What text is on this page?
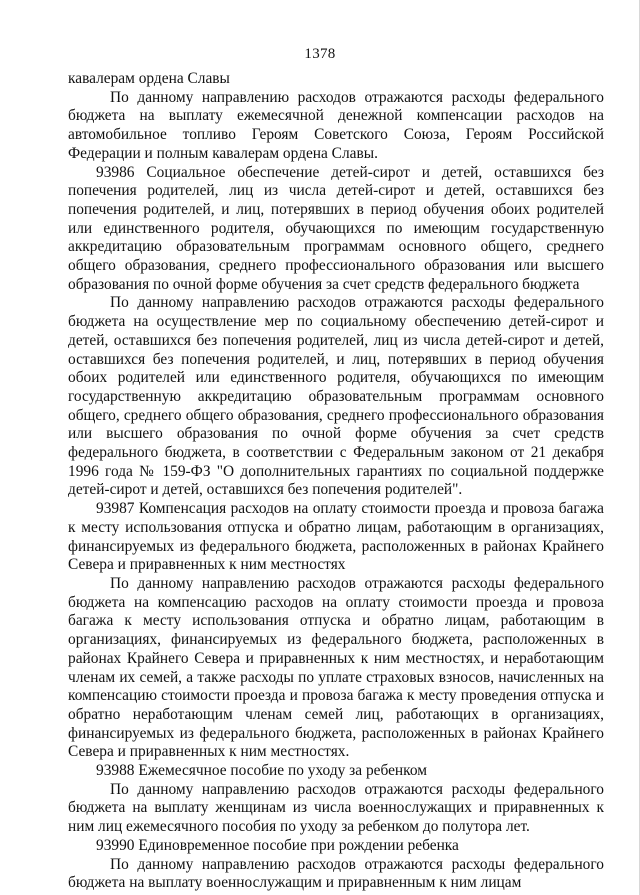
1378

кавалерам ордена Славы

По данному направлению расходов отражаются расходы федерального бюджета на выплату ежемесячной денежной компенсации расходов на автомобильное топливо Героям Советского Союза, Героям Российской Федерации и полным кавалерам ордена Славы.

93986 Социальное обеспечение детей-сирот и детей, оставшихся без попечения родителей, лиц из числа детей-сирот и детей, оставшихся без попечения родителей, и лиц, потерявших в период обучения обоих родителей или единственного родителя, обучающихся по имеющим государственную аккредитацию образовательным программам основного общего, среднего общего образования, среднего профессионального образования или высшего образования по очной форме обучения за счет средств федерального бюджета

По данному направлению расходов отражаются расходы федерального бюджета на осуществление мер по социальному обеспечению детей-сирот и детей, оставшихся без попечения родителей, лиц из числа детей-сирот и детей, оставшихся без попечения родителей, и лиц, потерявших в период обучения обоих родителей или единственного родителя, обучающихся по имеющим государственную аккредитацию образовательным программам основного общего, среднего общего образования, среднего профессионального образования или высшего образования по очной форме обучения за счет средств федерального бюджета, в соответствии с Федеральным законом от 21 декабря 1996 года № 159-ФЗ "О дополнительных гарантиях по социальной поддержке детей-сирот и детей, оставшихся без попечения родителей".

93987 Компенсация расходов на оплату стоимости проезда и провоза багажа к месту использования отпуска и обратно лицам, работающим в организациях, финансируемых из федерального бюджета, расположенных в районах Крайнего Севера и приравненных к ним местностях

По данному направлению расходов отражаются расходы федерального бюджета на компенсацию расходов на оплату стоимости проезда и провоза багажа к месту использования отпуска и обратно лицам, работающим в организациях, финансируемых из федерального бюджета, расположенных в районах Крайнего Севера и приравненных к ним местностях, и неработающим членам их семей, а также расходы по уплате страховых взносов, начисленных на компенсацию стоимости проезда и провоза багажа к месту проведения отпуска и обратно неработающим членам семей лиц, работающих в организациях, финансируемых из федерального бюджета, расположенных в районах Крайнего Севера и приравненных к ним местностях.

93988 Ежемесячное пособие по уходу за ребенком

По данному направлению расходов отражаются расходы федерального бюджета на выплату женщинам из числа военнослужащих и приравненных к ним лиц ежемесячного пособия по уходу за ребенком до полутора лет.

93990 Единовременное пособие при рождении ребенка

По данному направлению расходов отражаются расходы федерального бюджета на выплату военнослужащим и приравненным к ним лицам
